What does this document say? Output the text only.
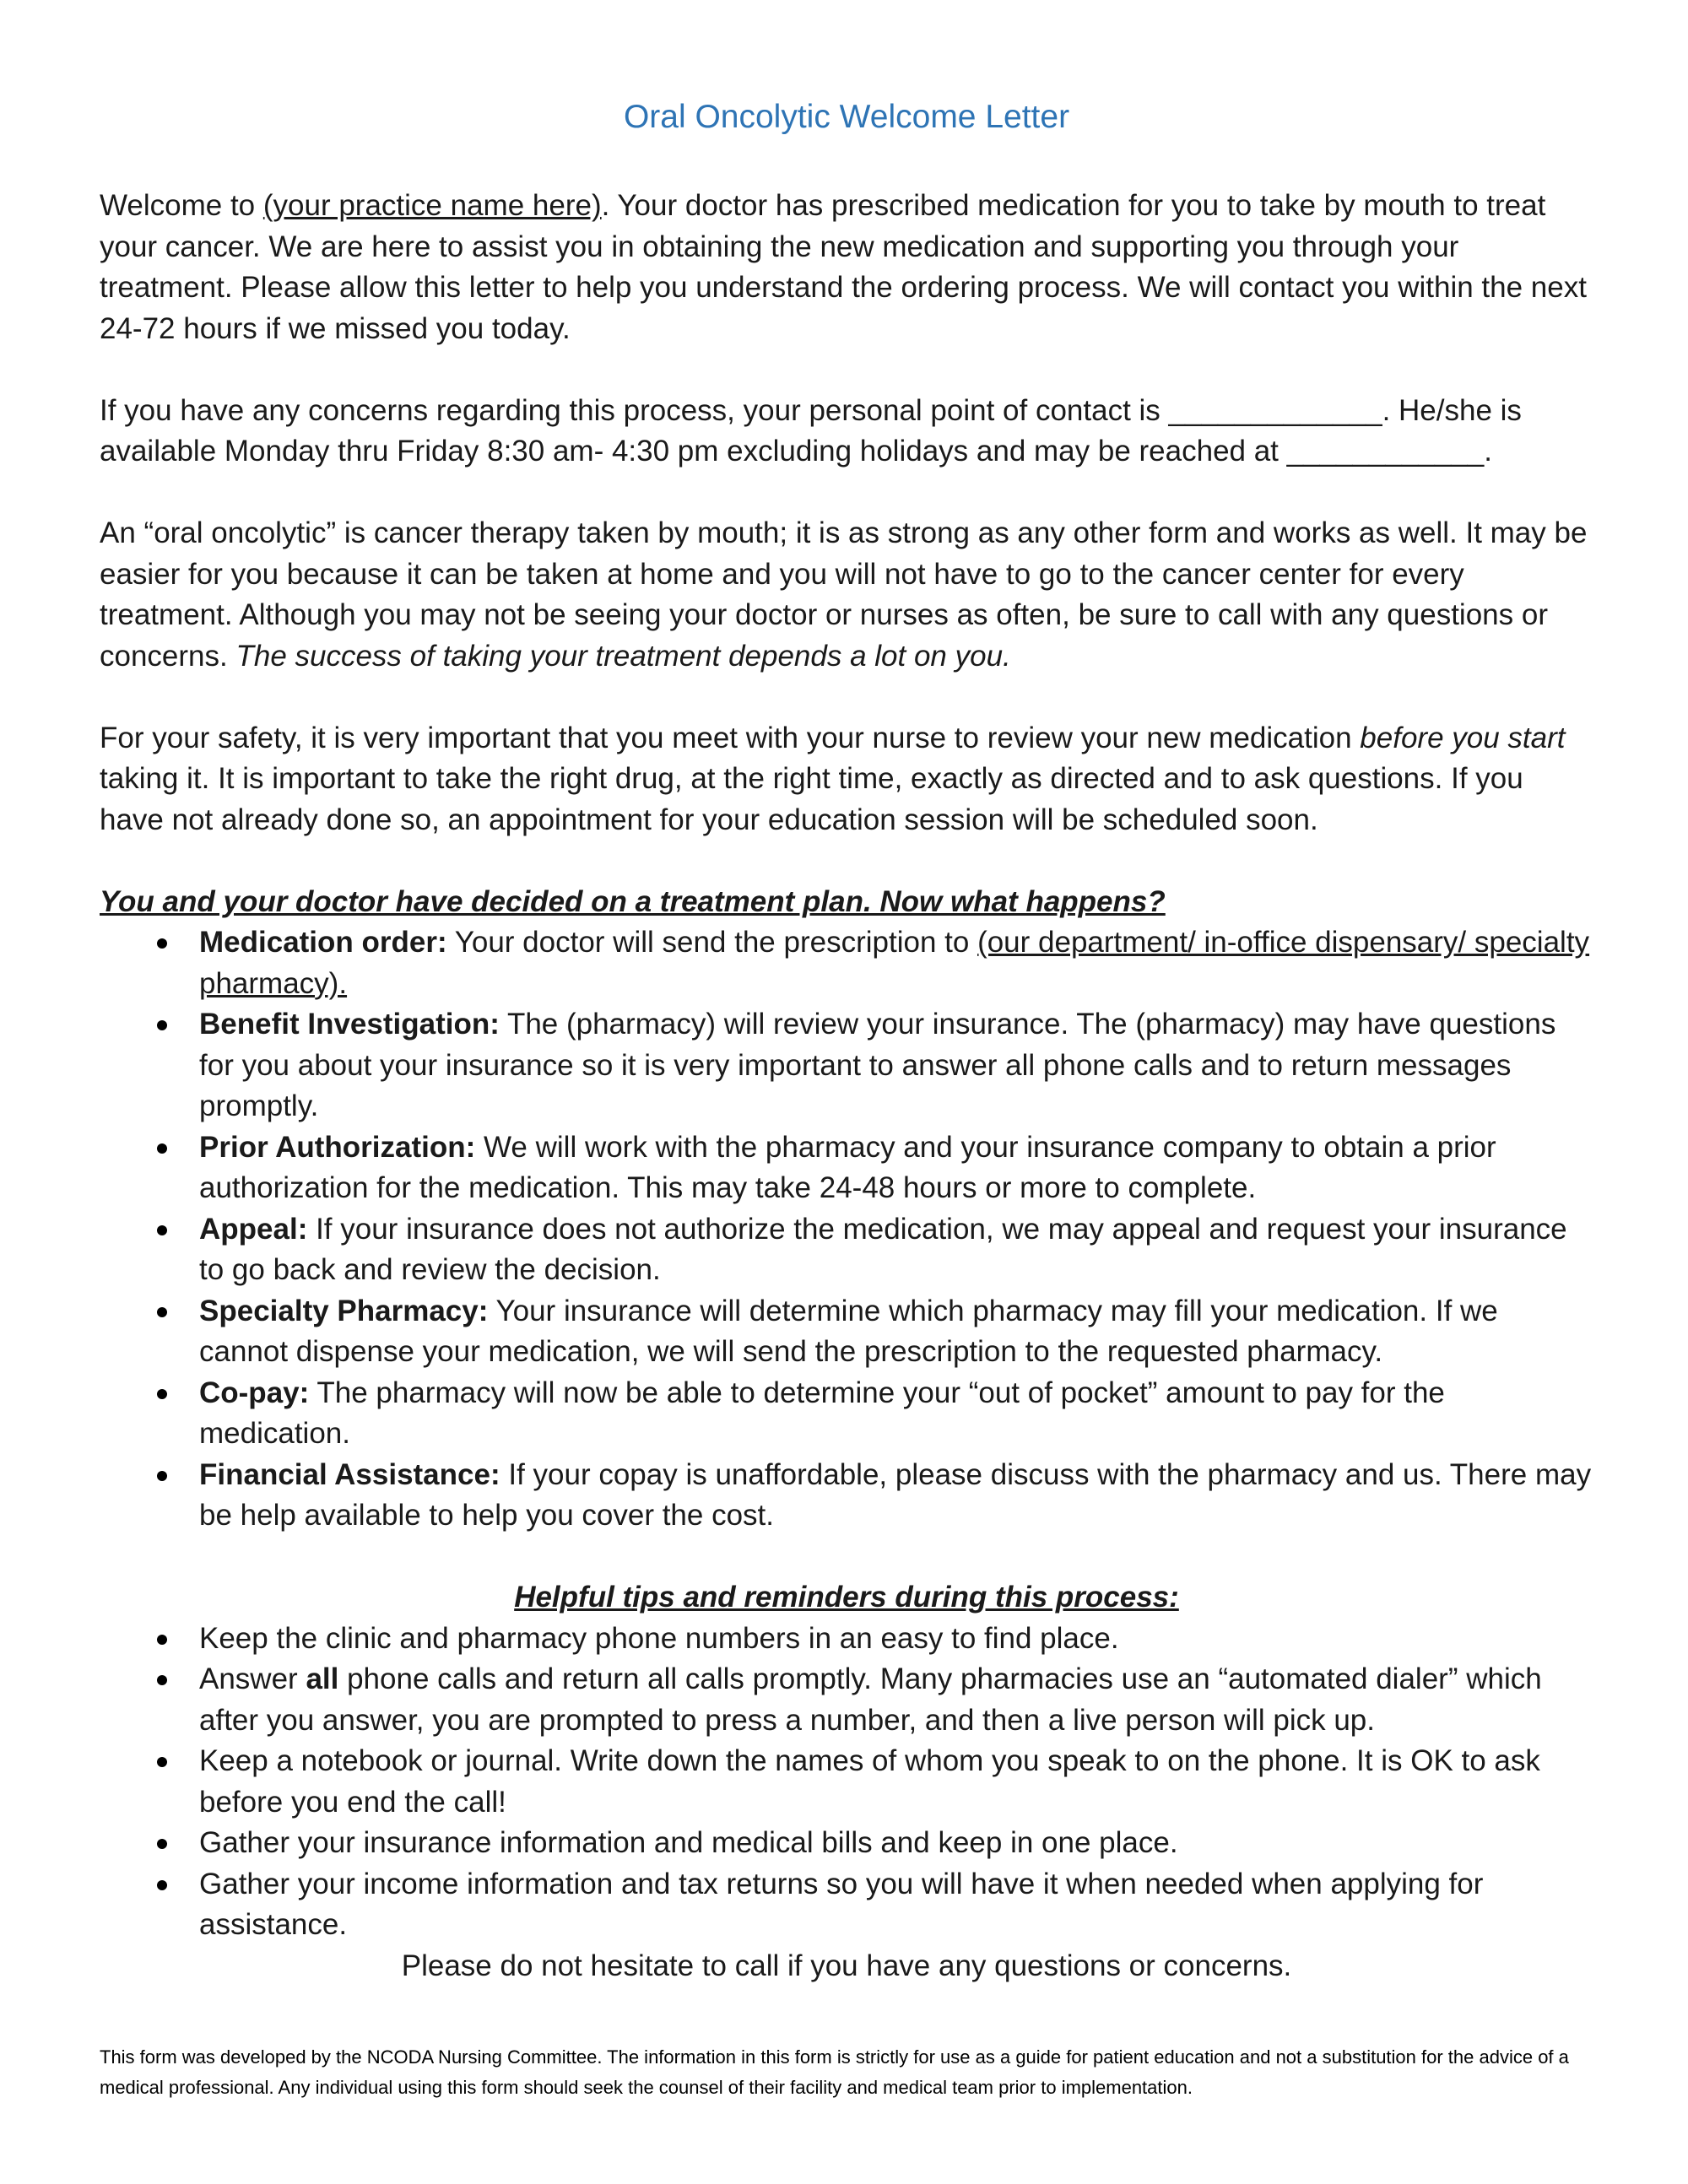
Oral Oncolytic Welcome Letter

Welcome to (your practice name here). Your doctor has prescribed medication for you to take by mouth to treat your cancer. We are here to assist you in obtaining the new medication and supporting you through your treatment. Please allow this letter to help you understand the ordering process. We will contact you within the next 24-72 hours if we missed you today.

If you have any concerns regarding this process, your personal point of contact is _____________. He/she is available Monday thru Friday 8:30 am- 4:30 pm excluding holidays and may be reached at ____________.

An “oral oncolytic” is cancer therapy taken by mouth; it is as strong as any other form and works as well. It may be easier for you because it can be taken at home and you will not have to go to the cancer center for every treatment. Although you may not be seeing your doctor or nurses as often, be sure to call with any questions or concerns. The success of taking your treatment depends a lot on you.

For your safety, it is very important that you meet with your nurse to review your new medication before you start taking it. It is important to take the right drug, at the right time, exactly as directed and to ask questions. If you have not already done so, an appointment for your education session will be scheduled soon.

You and your doctor have decided on a treatment plan. Now what happens?
Medication order: Your doctor will send the prescription to (our department/ in-office dispensary/ specialty pharmacy).
Benefit Investigation: The (pharmacy) will review your insurance. The (pharmacy) may have questions for you about your insurance so it is very important to answer all phone calls and to return messages promptly.
Prior Authorization: We will work with the pharmacy and your insurance company to obtain a prior authorization for the medication. This may take 24-48 hours or more to complete.
Appeal: If your insurance does not authorize the medication, we may appeal and request your insurance to go back and review the decision.
Specialty Pharmacy: Your insurance will determine which pharmacy may fill your medication. If we cannot dispense your medication, we will send the prescription to the requested pharmacy.
Co-pay: The pharmacy will now be able to determine your “out of pocket” amount to pay for the medication.
Financial Assistance: If your copay is unaffordable, please discuss with the pharmacy and us. There may be help available to help you cover the cost.
Helpful tips and reminders during this process:
Keep the clinic and pharmacy phone numbers in an easy to find place.
Answer all phone calls and return all calls promptly. Many pharmacies use an “automated dialer” which after you answer, you are prompted to press a number, and then a live person will pick up.
Keep a notebook or journal. Write down the names of whom you speak to on the phone. It is OK to ask before you end the call!
Gather your insurance information and medical bills and keep in one place.
Gather your income information and tax returns so you will have it when needed when applying for assistance.
Please do not hesitate to call if you have any questions or concerns.
This form was developed by the NCODA Nursing Committee. The information in this form is strictly for use as a guide for patient education and not a substitution for the advice of a medical professional. Any individual using this form should seek the counsel of their facility and medical team prior to implementation.
